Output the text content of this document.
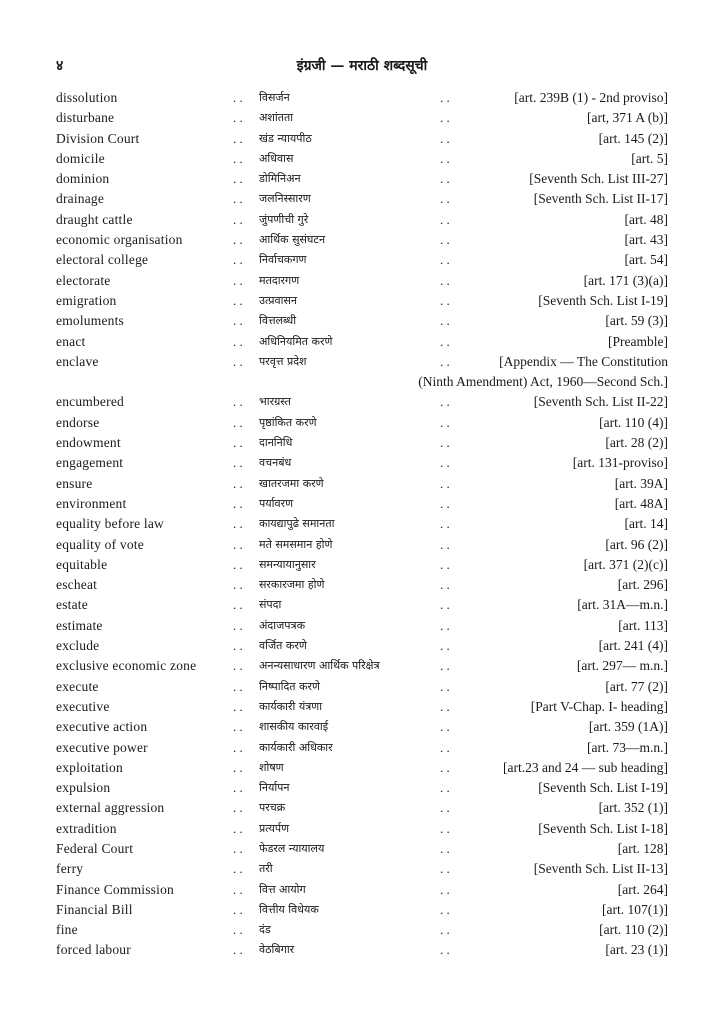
४	इंग्रजी — मराठी शब्दसूची
dissolution	. . विसर्जन	. .	[art. 239B (1) - 2nd proviso]
disturbane	. . अशांतता	. .	[art, 371 A (b)]
Division Court	. . खंड न्यायपीठ	. .	[art. 145 (2)]
domicile	. . अधिवास	. .	[art. 5]
dominion	. . डोमिनिअन	. .	[Seventh Sch. List III-27]
drainage	. . जलनिस्सारण	. .	[Seventh Sch. List II-17]
draught cattle	. . जुंपणीची गुरे	. .	[art. 48]
economic organisation	. . आर्थिक सुसंघटन	. .	[art. 43]
electoral college	. . निर्वाचकगण	. .	[art. 54]
electorate	. . मतदारगण	. .	[art. 171 (3)(a)]
emigration	. . उत्प्रवासन	. .	[Seventh Sch. List I-19]
emoluments	. . वित्तलब्धी	. .	[art. 59 (3)]
enact	. . अधिनियमित करणे	. .	[Preamble]
enclave	. . परवृत्त प्रदेश	. .	[Appendix — The Constitution
(Ninth Amendment) Act, 1960—Second Sch.]
encumbered	. . भारग्रस्त	. .	[Seventh Sch. List II-22]
endorse	. . पृष्ठांकित करणे	. .	[art. 110 (4)]
endowment	. . दाननिधि	. .	[art. 28 (2)]
engagement	. . वचनबंध	. .	[art. 131-proviso]
ensure	. . खातरजमा करणे	. .	[art. 39A]
environment	. . पर्यावरण	. .	[art. 48A]
equality before law	. . कायद्यापुढे समानता	. .	[art. 14]
equality of vote	. . मते समसमान होणे	. .	[art. 96 (2)]
equitable	. . समन्यायानुसार	. .	[art. 371 (2)(c)]
escheat	. . सरकारजमा होणे	. .	[art. 296]
estate	. . संपदा	. .	[art. 31A—m.n.]
estimate	. . अंदाजपत्रक	. .	[art. 113]
exclude	. . वर्जित करणे	. .	[art. 241 (4)]
exclusive economic zone	. . अनन्यसाधारण आर्थिक परिक्षेत्र	. .	[art. 297— m.n.]
execute	. . निष्पादित करणे	. .	[art. 77 (2)]
executive	. . कार्यकारी यंत्रणा	. .	[Part V-Chap. I- heading]
executive action	. . शासकीय कारवाई	. .	[art. 359 (1A)]
executive power	. . कार्यकारी अधिकार	. .	[art. 73—m.n.]
exploitation	. . शोषण	. .	[art.23 and 24 — sub heading]
expulsion	. . निर्यापन	. .	[Seventh Sch. List I-19]
external aggression	. . परचक्र	. .	[art. 352 (1)]
extradition	. . प्रत्यर्पण	. .	[Seventh Sch. List I-18]
Federal Court	. . फेडरल न्यायालय	. .	[art. 128]
ferry	. . तरी	. .	[Seventh Sch. List II-13]
Finance Commission	. . वित्त आयोग	. .	[art. 264]
Financial Bill	. . वित्तीय विधेयक	. .	[art. 107(1)]
fine	. . दंड	. .	[art. 110 (2)]
forced labour	. . वेठबिगार	. .	[art. 23 (1)]
